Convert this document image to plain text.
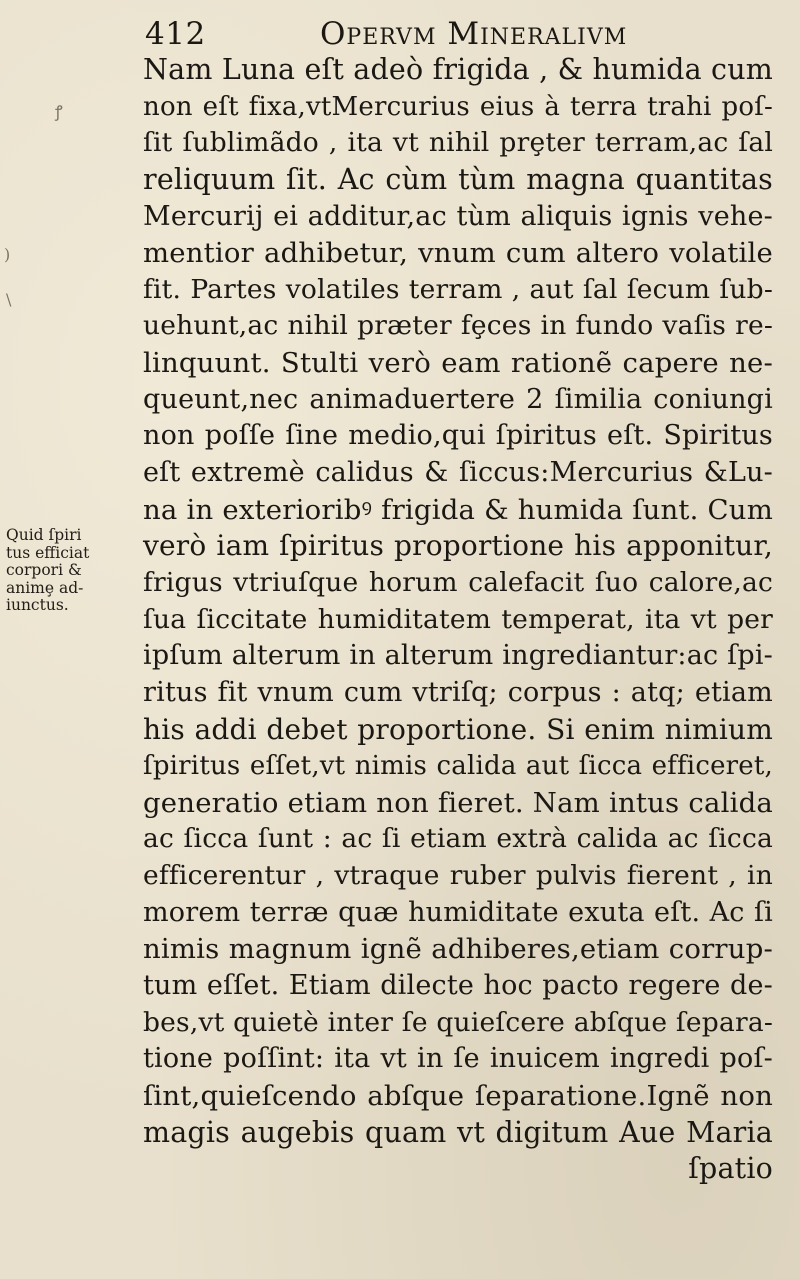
412	Opervm Mineralivm
ꝭ
)
\
Quid ſpiri
tus efficiat
corpori &
animȩ ad-
iunctus.
Nam Luna eſt adeò frigida , & humida cum
non eſt fixa,vtMercurius eius à terra trahi poſ-
ſit ſublimãdo , ita vt nihil prȩter terram,ac ſal
reliquum ſit. Ac cùm tùm magna quantitas
Mercurij ei additur,ac tùm aliquis ignis vehe-
mentior adhibetur, vnum cum altero volatile
fit. Partes volatiles terram , aut ſal ſecum ſub-
uehunt,ac nihil prӕter fȩces in fundo vaſis re-
linquunt. Stulti verò eam rationẽ capere ne-
queunt,nec animaduertere 2 ſimilia coniungi
non poſſe ſine medio,qui ſpiritus eſt. Spiritus
eſt extremè calidus & ſiccus:Mercurius &Lu-
na in exterioribꝰ frigida & humida ſunt. Cum
verò iam ſpiritus proportione his apponitur,
frigus vtriuſque horum calefacit ſuo calore,ac
ſua ſiccitate humiditatem temperat, ita vt per
ipſum alterum in alterum ingrediantur:ac ſpi-
ritus fit vnum cum vtriſq; corpus : atq; etiam
his addi debet proportione. Si enim nimium
ſpiritus eſſet,vt nimis calida aut ſicca efficeret,
generatio etiam non fieret. Nam intus calida
ac ſicca ſunt : ac ſi etiam extrà calida ac ſicca
efficerentur , vtraque ruber pulvis fierent , in
morem terrӕ quӕ humiditate exuta eſt. Ac ſi
nimis magnum ignẽ adhiberes,etiam corrup-
tum eſſet. Etiam dilecte hoc pacto regere de-
bes,vt quietè inter ſe quieſcere abſque ſepara-
tione poſſint: ita vt in ſe inuicem ingredi poſ-
ſint,quieſcendo abſque ſeparatione.Ignẽ non
magis augebis quam vt digitum Aue Maria
ſpatio
